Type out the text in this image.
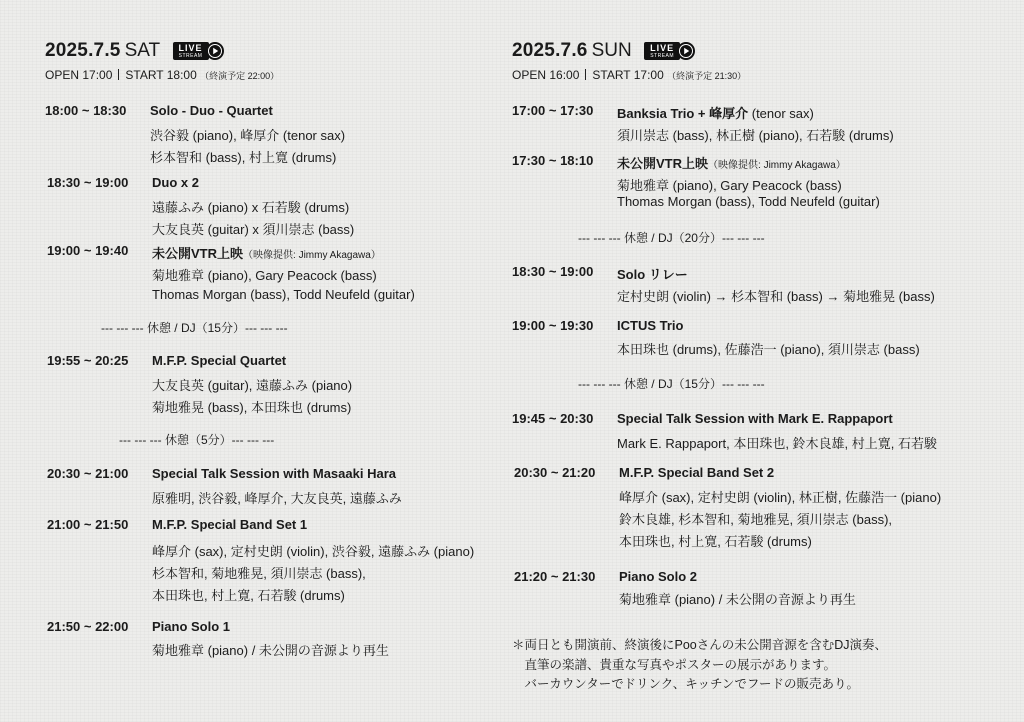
2025.7.5 SAT	LIVE
STREAM
OPEN 17:00 START 18:00 （終演予定 22:00）
18:00 ~ 18:30 Solo - Duo - Quartet
渋谷毅 (piano), 峰厚介 (tenor sax)
杉本智和 (bass), 村上寛 (drums)
18:30 ~ 19:00 Duo x 2
遠藤ふみ (piano) x 石若駿 (drums)
大友良英 (guitar) x 須川崇志 (bass)
19:00 ~ 19:40 未公開VTR上映（映像提供: Jimmy Akagawa）
菊地雅章 (piano), Gary Peacock (bass)
Thomas Morgan (bass), Todd Neufeld (guitar)
--- --- --- 休憩 / DJ（15分）--- --- ---
19:55 ~ 20:25 M.F.P. Special Quartet
大友良英 (guitar), 遠藤ふみ (piano)
菊地雅晃 (bass), 本田珠也 (drums)
--- --- --- 休憩（5分）--- --- ---
20:30 ~ 21:00 Special Talk Session with Masaaki Hara
原雅明, 渋谷毅, 峰厚介, 大友良英, 遠藤ふみ
21:00 ~ 21:50 M.F.P. Special Band Set 1
峰厚介 (sax), 定村史朗 (violin), 渋谷毅, 遠藤ふみ (piano)
杉本智和, 菊地雅晃, 須川崇志 (bass),
本田珠也, 村上寛, 石若駿 (drums)
21:50 ~ 22:00 Piano Solo 1
菊地雅章 (piano) / 未公開の音源より再生
2025.7.6 SUN	LIVE
STREAM
OPEN 16:00 START 17:00 （終演予定 21:30）
17:00 ~ 17:30 Banksia Trio + 峰厚介 (tenor sax)
須川崇志 (bass), 林正樹 (piano), 石若駿 (drums)
17:30 ~ 18:10 未公開VTR上映（映像提供: Jimmy Akagawa）
菊地雅章 (piano), Gary Peacock (bass)
Thomas Morgan (bass), Todd Neufeld (guitar)
--- --- --- 休憩 / DJ（20分）--- --- ---
18:30 ~ 19:00 Solo リレー
定村史朗 (violin) → 杉本智和 (bass) → 菊地雅晃 (bass)
19:00 ~ 19:30 ICTUS Trio
本田珠也 (drums), 佐藤浩一 (piano), 須川崇志 (bass)
--- --- --- 休憩 / DJ（15分）--- --- ---
19:45 ~ 20:30 Special Talk Session with Mark E. Rappaport
Mark E. Rappaport, 本田珠也, 鈴木良雄, 村上寛, 石若駿
20:30 ~ 21:20 M.F.P. Special Band Set 2
峰厚介 (sax), 定村史朗 (violin), 林正樹, 佐藤浩一 (piano)
鈴木良雄, 杉本智和, 菊地雅晃, 須川崇志 (bass),
本田珠也, 村上寛, 石若駿 (drums)
21:20 ~ 21:30 Piano Solo 2
菊地雅章 (piano) / 未公開の音源より再生
＊両日とも開演前、終演後にPooさんの未公開音源を含むDJ演奏、
　直筆の楽譜、貴重な写真やポスターの展示があります。
　バーカウンターでドリンク、キッチンでフードの販売あり。
